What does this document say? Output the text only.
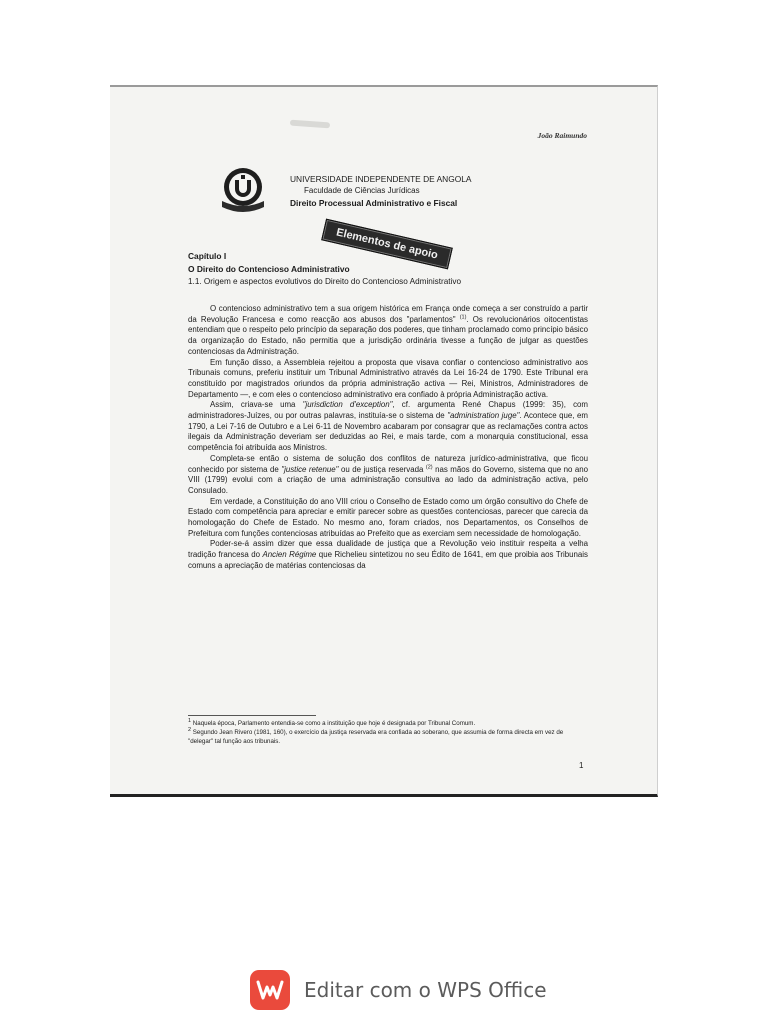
João Raimundo
UNIVERSIDADE INDEPENDENTE DE ANGOLA
Faculdade de Ciências Jurídicas
Direito Processual Administrativo e Fiscal
Elementos de apoio
Capítulo I
O Direito do Contencioso Administrativo
1.1. Origem e aspectos evolutivos do Direito do Contencioso Administrativo

O contencioso administrativo tem a sua origem histórica em França onde começa a ser construído a partir da Revolução Francesa e como reacção aos abusos dos "parlamentos" $^{(1)}$. Os revolucionários oitocentistas entendiam que o respeito pelo princípio da separação dos poderes, que tinham proclamado como princípio básico da organização do Estado, não permitia que a jurisdição ordinária tivesse a função de julgar as questões contenciosas da Administração.

Em função disso, a Assembleia rejeitou a proposta que visava confiar o contencioso administrativo aos Tribunais comuns, preferiu instituir um Tribunal Administrativo através da Lei 16-24 de 1790. Este Tribunal era constituído por magistrados oriundos da própria administração activa — Rei, Ministros, Administradores de Departamento —, e com eles o contencioso administrativo era confiado à própria Administração activa.

Assim, criava-se uma "jurisdiction d'exception", cf. argumenta René Chapus (1999: 35), com administradores-Juízes, ou por outras palavras, instituía-se o sistema de "administration juge". Acontece que, em 1790, a Lei 7-16 de Outubro e a Lei 6-11 de Novembro acabaram por consagrar que as reclamações contra actos ilegais da Administração deveriam ser deduzidas ao Rei, e mais tarde, com a monarquia constitucional, essa competência foi atribuída aos Ministros.

Completa-se então o sistema de solução dos conflitos de natureza jurídico-administrativa, que ficou conhecido por sistema de "justice retenue" ou de justiça reservada $^{(2)}$ nas mãos do Governo, sistema que no ano VIII (1799) evolui com a criação de uma administração consultiva ao lado da administração activa, pelo Consulado.

Em verdade, a Constituição do ano VIII criou o Conselho de Estado como um órgão consultivo do Chefe de Estado com competência para apreciar e emitir parecer sobre as questões contenciosas, parecer que carecia da homologação do Chefe de Estado. No mesmo ano, foram criados, nos Departamentos, os Conselhos de Prefeitura com funções contenciosas atribuídas ao Prefeito que as exerciam sem necessidade de homologação.

Poder-se-á assim dizer que essa dualidade de justiça que a Revolução veio instituir respeita a velha tradição francesa do Ancien Régime que Richelieu sintetizou no seu Édito de 1641, em que proibia aos Tribunais comuns a apreciação de matérias contenciosas da

$^1$ Naquela época, Parlamento entendia-se como a instituição que hoje é designada por Tribunal Comum.
$^2$ Segundo Jean Rivero (1981, 160), o exercício da justiça reservada era confiada ao soberano, que assumia de forma directa em vez de "delegar" tal função aos tribunais.
1
Editar com o WPS Office
